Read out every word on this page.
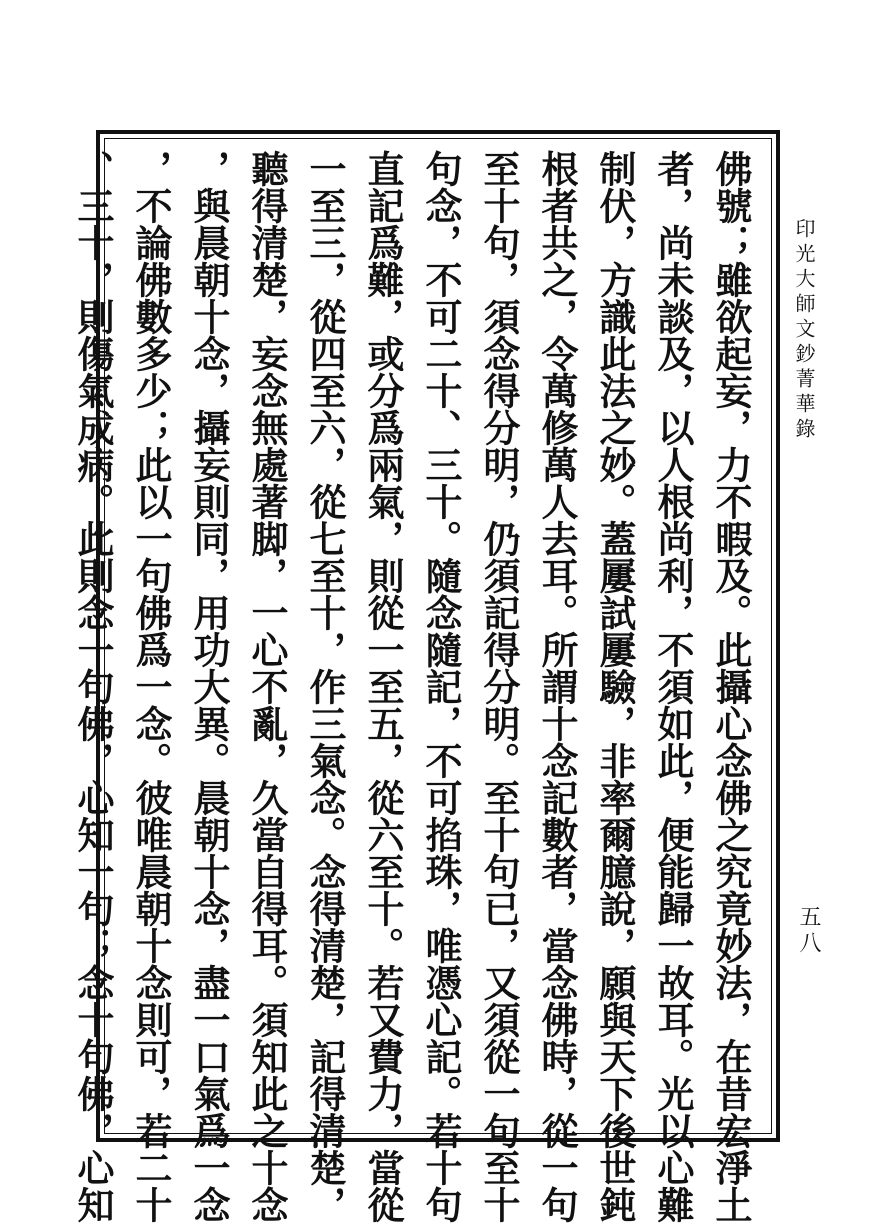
佛號；雖欲起妄，力不暇及。此攝心念佛之究竟妙法，在昔宏淨土
者，尚未談及，以人根尚利，不須如此，便能歸一故耳。光以心難
制伏，方識此法之妙。蓋屢試屢驗，非率爾臆說，願與天下後世鈍
根者共之，令萬修萬人去耳。所謂十念記數者，當念佛時，從一句
至十句，須念得分明，仍須記得分明。至十句已，又須從一句至十
句念，不可二十、三十。隨念隨記，不可掐珠，唯憑心記。若十句
直記爲難，或分爲兩氣，則從一至五，從六至十。若又費力，當從
一至三，從四至六，從七至十，作三氣念。念得清楚，記得清楚，
聽得清楚，妄念無處著脚，一心不亂，久當自得耳。須知此之十念
，與晨朝十念，攝妄則同，用功大異。晨朝十念，盡一口氣爲一念
，不論佛數多少；此以一句佛爲一念。彼唯晨朝十念則可，若二十
、三十，則傷氣成病。此則念一句佛，心知一句；念十句佛，心知	印光大師文鈔菁華錄
五八
